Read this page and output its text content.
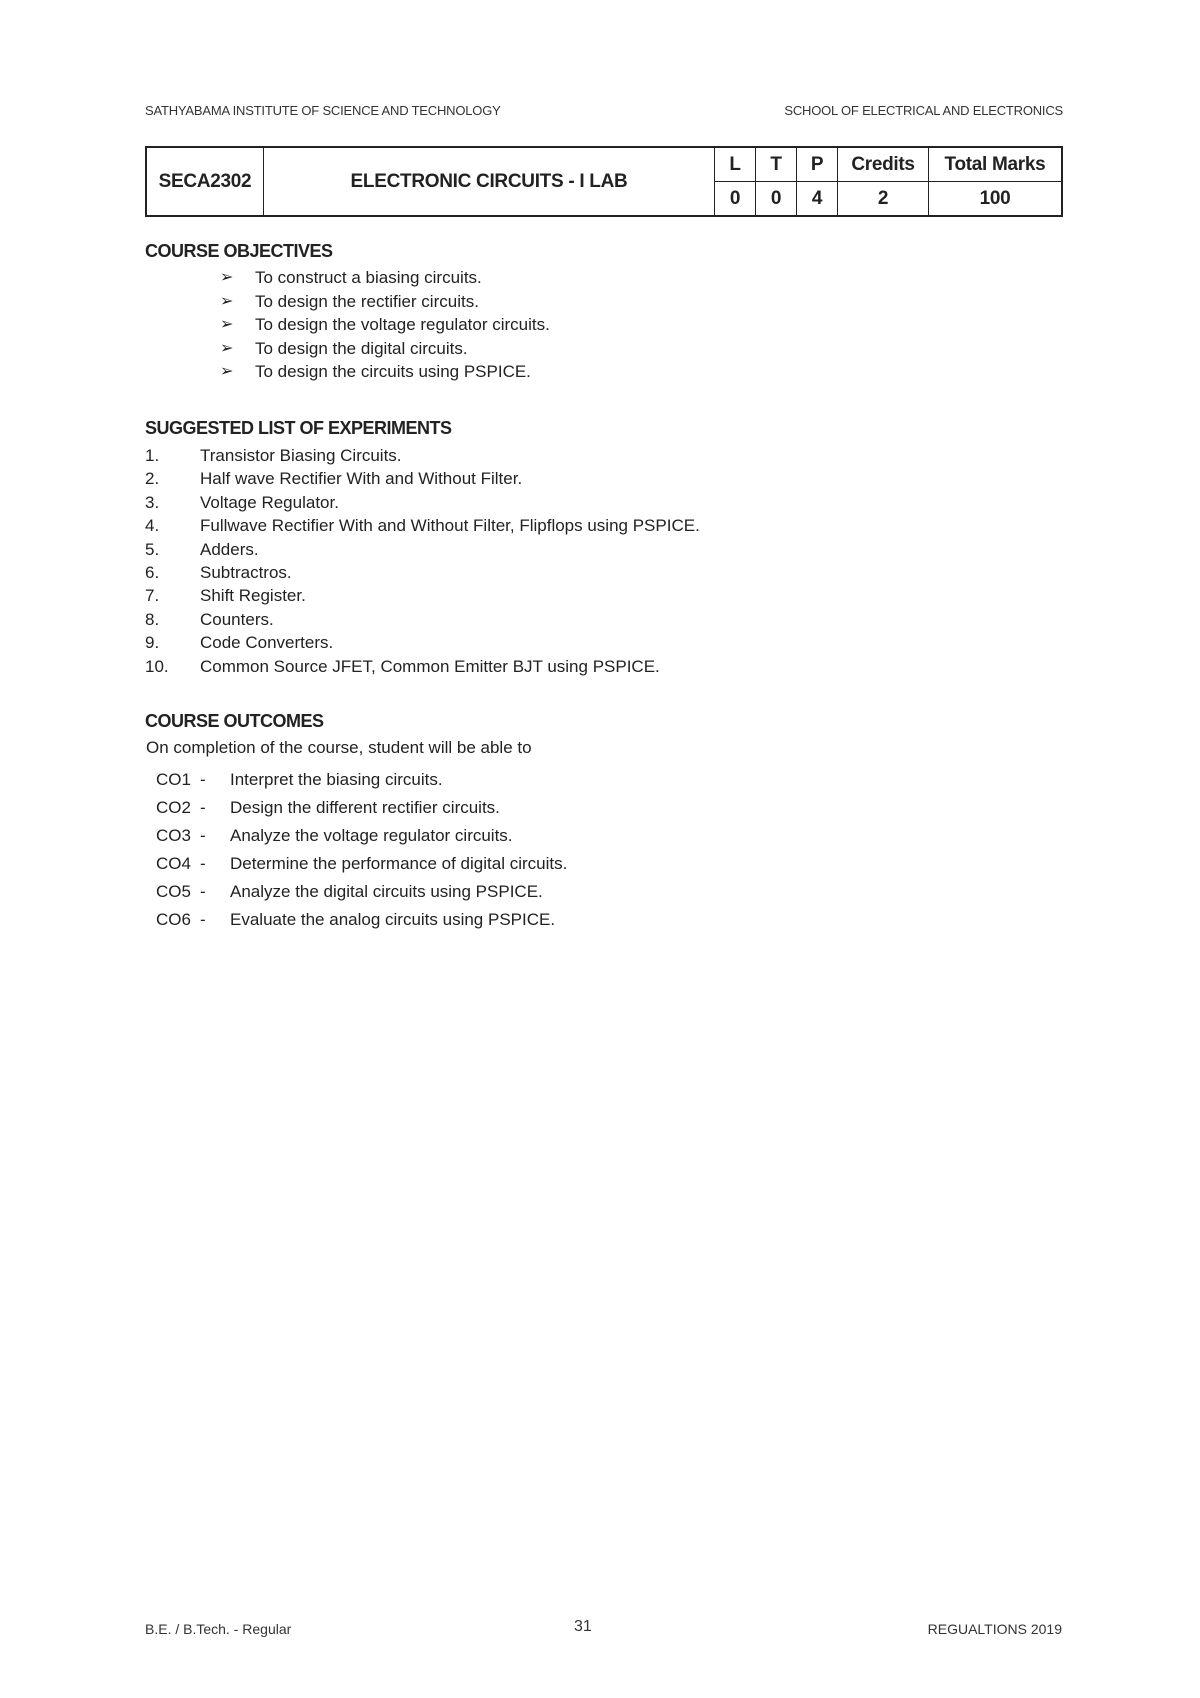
SATHYABAMA INSTITUTE OF SCIENCE AND TECHNOLOGY	SCHOOL OF ELECTRICAL AND ELECTRONICS
SECA2302	ELECTRONIC CIRCUITS - I LAB	L	T	P	Credits	Total Marks
		0	0	4	2	100
COURSE OBJECTIVES
➢	To construct a biasing circuits.
➢	To design the rectifier circuits.
➢	To design the voltage regulator circuits.
➢	To design the digital circuits.
➢	To design the circuits using PSPICE.
SUGGESTED LIST OF EXPERIMENTS
1.	Transistor Biasing Circuits.
2.	Half wave Rectifier With and Without Filter.
3.	Voltage Regulator.
4.	Fullwave Rectifier With and Without Filter, Flipflops using PSPICE.
5.	Adders.
6.	Subtractros.
7.	Shift Register.
8.	Counters.
9.	Code Converters.
10.	Common Source JFET, Common Emitter BJT using PSPICE.
COURSE OUTCOMES
On completion of the course, student will be able to
CO1 -	Interpret the biasing circuits.
CO2 -	Design the different rectifier circuits.
CO3 -	Analyze the voltage regulator circuits.
CO4 -	Determine the performance of digital circuits.
CO5 -	Analyze the digital circuits using PSPICE.
CO6 -	Evaluate the analog circuits using PSPICE.
B.E. / B.Tech. - Regular	31	REGUALTIONS 2019
